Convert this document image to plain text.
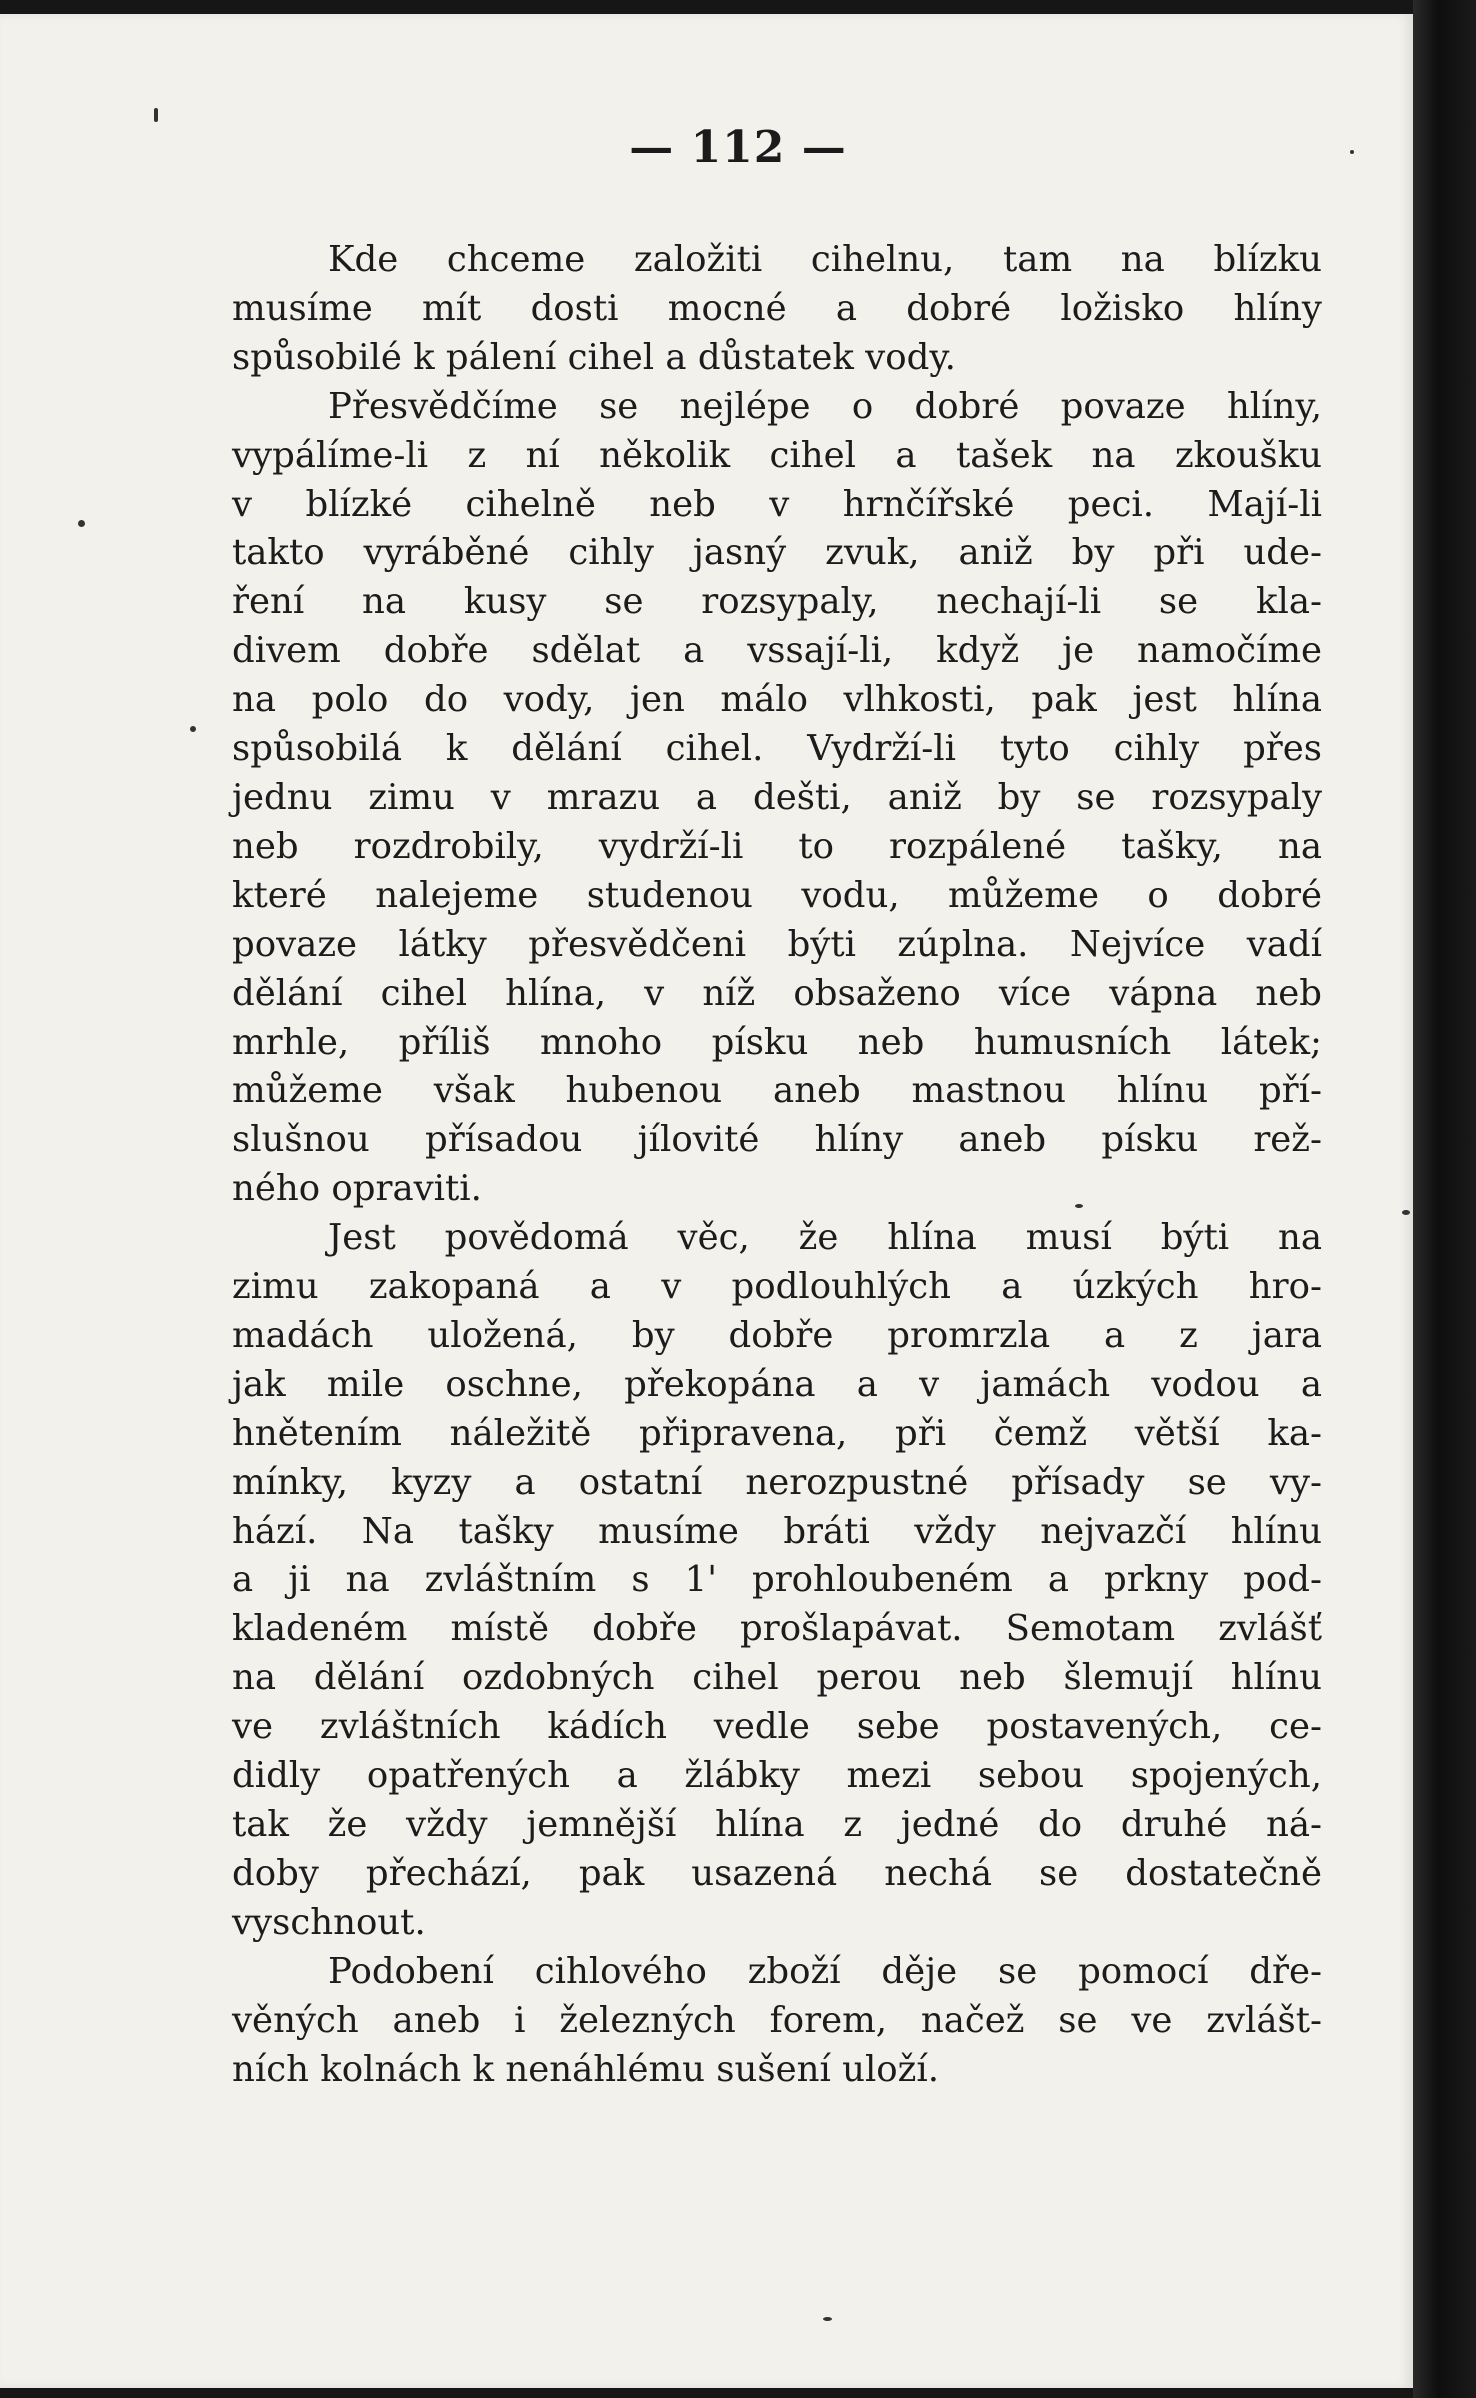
— 112 —
Kde chceme založiti cihelnu, tam na blízku
musíme mít dosti mocné a dobré ložisko hlíny
spůsobilé k pálení cihel a důstatek vody.
Přesvědčíme se nejlépe o dobré povaze hlíny,
vypálíme-li z ní několik cihel a tašek na zkoušku
v blízké cihelně neb v hrnčířské peci. Mají-li
takto vyráběné cihly jasný zvuk, aniž by při ude-
ření na kusy se rozsypaly, nechají-li se kla-
divem dobře sdělat a vssají-li, když je namočíme
na polo do vody, jen málo vlhkosti, pak jest hlína
spůsobilá k dělání cihel. Vydrží-li tyto cihly přes
jednu zimu v mrazu a dešti, aniž by se rozsypaly
neb rozdrobily, vydrží-li to rozpálené tašky, na
které nalejeme studenou vodu, můžeme o dobré
povaze látky přesvědčeni býti zúplna. Nejvíce vadí
dělání cihel hlína, v níž obsaženo více vápna neb
mrhle, příliš mnoho písku neb humusních látek;
můžeme však hubenou aneb mastnou hlínu pří-
slušnou přísadou jílovité hlíny aneb písku rež-
ného opraviti.
Jest povědomá věc, že hlína musí býti na
zimu zakopaná a v podlouhlých a úzkých hro-
madách uložená, by dobře promrzla a z jara
jak mile oschne, překopána a v jamách vodou a
hnětením náležitě připravena, při čemž větší ka-
mínky, kyzy a ostatní nerozpustné přísady se vy-
hází. Na tašky musíme bráti vždy nejvazčí hlínu
a ji na zvláštním s 1' prohloubeném a prkny pod-
kladeném místě dobře prošlapávat. Semotam zvlášť
na dělání ozdobných cihel perou neb šlemují hlínu
ve zvláštních kádích vedle sebe postavených, ce-
didly opatřených a žlábky mezi sebou spojených,
tak že vždy jemnější hlína z jedné do druhé ná-
doby přechází, pak usazená nechá se dostatečně
vyschnout.
Podobení cihlového zboží děje se pomocí dře-
věných aneb i železných forem, načež se ve zvlášt-
ních kolnách k nenáhlému sušení uloží.
